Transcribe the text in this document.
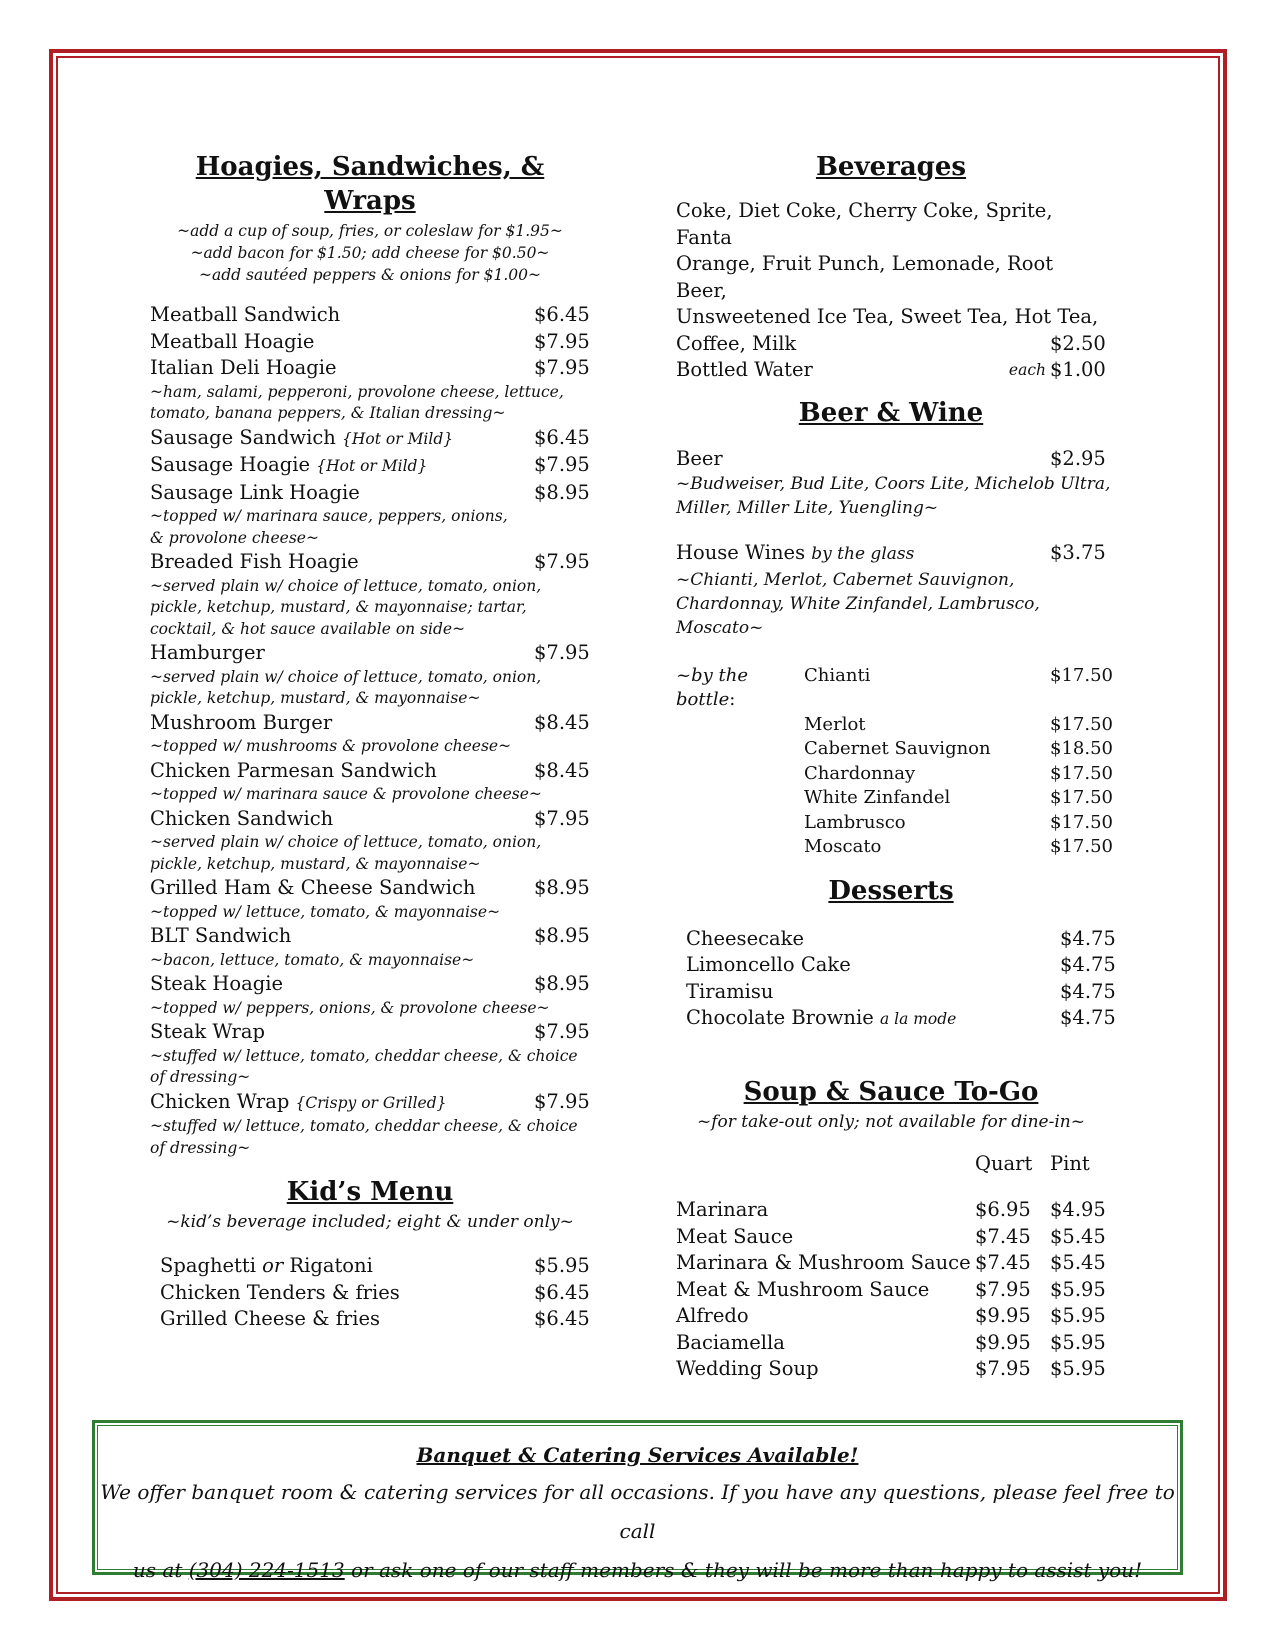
Hoagies, Sandwiches, & Wraps
~add a cup of soup, fries, or coleslaw for $1.95~
~add bacon for $1.50; add cheese for $0.50~
~add sautéed peppers & onions for $1.00~
Meatball Sandwich	$6.45
Meatball Hoagie	$7.95
Italian Deli Hoagie	$7.95
~ham, salami, pepperoni, provolone cheese, lettuce, tomato, banana peppers, & Italian dressing~
Sausage Sandwich {Hot or Mild}	$6.45
Sausage Hoagie {Hot or Mild}	$7.95
Sausage Link Hoagie	$8.95
~topped w/ marinara sauce, peppers, onions,
& provolone cheese~
Breaded Fish Hoagie	$7.95
~served plain w/ choice of lettuce, tomato, onion, pickle, ketchup, mustard, & mayonnaise; tartar, cocktail, & hot sauce available on side~
Hamburger	$7.95
~served plain w/ choice of lettuce, tomato, onion, pickle, ketchup, mustard, & mayonnaise~
Mushroom Burger	$8.45
~topped w/ mushrooms & provolone cheese~
Chicken Parmesan Sandwich	$8.45
~topped w/ marinara sauce & provolone cheese~
Chicken Sandwich	$7.95
~served plain w/ choice of lettuce, tomato, onion, pickle, ketchup, mustard, & mayonnaise~
Grilled Ham & Cheese Sandwich	$8.95
~topped w/ lettuce, tomato, & mayonnaise~
BLT Sandwich	$8.95
~bacon, lettuce, tomato, & mayonnaise~
Steak Hoagie	$8.95
~topped w/ peppers, onions, & provolone cheese~
Steak Wrap	$7.95
~stuffed w/ lettuce, tomato, cheddar cheese, & choice of dressing~
Chicken Wrap {Crispy or Grilled}	$7.95
~stuffed w/ lettuce, tomato, cheddar cheese, & choice of dressing~
Kid’s Menu
~kid’s beverage included; eight & under only~
Spaghetti or Rigatoni	$5.95
Chicken Tenders & fries	$6.45
Grilled Cheese & fries	$6.45
Beverages
Coke, Diet Coke, Cherry Coke, Sprite, Fanta
Orange, Fruit Punch, Lemonade, Root Beer,
Unsweetened Ice Tea, Sweet Tea, Hot Tea,
Coffee, Milk	$2.50
Bottled Water	each $1.00
Beer & Wine
Beer	$2.95
~Budweiser, Bud Lite, Coors Lite, Michelob Ultra, Miller, Miller Lite, Yuengling~
House Wines by the glass	$3.75
~Chianti, Merlot, Cabernet Sauvignon, Chardonnay, White Zinfandel, Lambrusco, Moscato~
~by the bottle:
Chianti	$17.50
Merlot	$17.50
Cabernet Sauvignon	$18.50
Chardonnay	$17.50
White Zinfandel	$17.50
Lambrusco	$17.50
Moscato	$17.50
Desserts
Cheesecake	$4.75
Limoncello Cake	$4.75
Tiramisu	$4.75
Chocolate Brownie a la mode	$4.75
Soup & Sauce To-Go
~for take-out only; not available for dine-in~
Quart Pint
Marinara	$6.95 $4.95
Meat Sauce	$7.45 $5.45
Marinara & Mushroom Sauce $7.45 $5.45
Meat & Mushroom Sauce	$7.95 $5.95
Alfredo	$9.95 $5.95
Baciamella	$9.95 $5.95
Wedding Soup	$7.95 $5.95
Banquet & Catering Services Available!
We offer banquet room & catering services for all occasions. If you have any questions, please feel free to call
us at (304) 224-1513 or ask one of our staff members & they will be more than happy to assist you!
